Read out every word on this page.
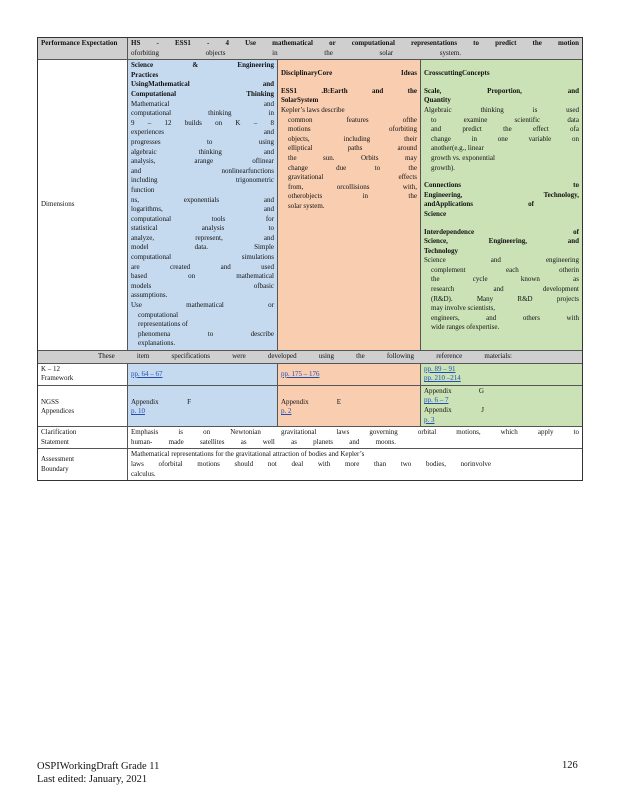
Performance Expectation	HS - ESS1 - 4 Use mathematical or computational representations to predict the motion
oforbiting objects in the solar system.
Dimensions
Science & Engineering
Practices
UsingMathematical and
Computational Thinking
Mathematical and
computational thinking in
9 – 12 builds on K – 8
experiences and
progresses to using
algebraic thinking and
analysis, arange oflinear
and nonlinearfunctions
including trigonometric
function
ns, exponentials and
logarithms, and
computational tools for
statistical analysis to
analyze, represent, and
model data. Simple
computational simulations
are created and used
based on mathematical
models ofbasic
assumptions.
Use mathematical or
computational
representations of
phenomena to describe
explanations.
DisciplinaryCore Ideas
ESS1 .B:Earth and the
SolarSystem
Kepler’s laws describe
common features ofthe
motions oforbiting
objects, including their
elliptical paths around
the sun. Orbits may
change due to the
gravitational effects
from, orcollisions with,
otherobjects in the
solar system.
CrosscuttingConcepts
Scale, Proportion, and
Quantity
Algebraic thinking is used
to examine scientific data
and predict the effect ofa
change in one variable on
another(e.g., linear
growth vs. exponential
growth).
Connections to
Engineering, Technology,
andApplications of
Science
Interdependence of
Science, Engineering, and
Technology
Science and engineering
complement each otherin
the cycle known as
research and development
(R&D). Many R&D projects
may involve scientists,
engineers, and others with
wide ranges ofexpertise.
These item specifications were developed using the following reference materials:
K – 12
Framework
pp. 64 – 67	pp. 175 – 176
pp. 89 – 91
pp. 210 –214
NGSS
Appendices
Appendix F
p. 10
Appendix E
p. 2
Appendix G
pp. 6 – 7
Appendix J
p. 3
Clarification
Statement
Emphasis is on Newtonian gravitational laws governing orbital motions, which apply to
human- made satellites as well as planets and moons.
Assessment
Boundary
Mathematical representations for the gravitational attraction of bodies and Kepler’s
laws oforbital motions should not deal with more than two bodies, norinvolve
calculus.
OSPIWorkingDraft Grade 11
Last edited: January, 2021
126
